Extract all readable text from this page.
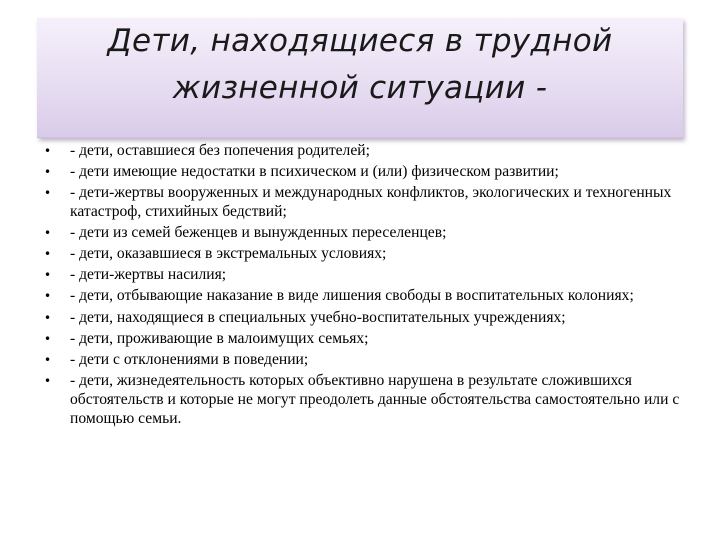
Дети, находящиеся в трудной
жизненной ситуации -
• - дети, оставшиеся без попечения родителей;
• - дети имеющие недостатки в психическом и (или) физическом развитии;
• - дети-жертвы вооруженных и международных конфликтов, экологических и техногенных катастроф, стихийных бедствий;
• - дети из семей беженцев и вынужденных переселенцев;
• - дети, оказавшиеся в экстремальных условиях;
• - дети-жертвы насилия;
• - дети, отбывающие наказание в виде лишения свободы в воспитательных колониях;
• - дети, находящиеся в специальных учебно-воспитательных учреждениях;
• - дети, проживающие в малоимущих семьях;
• - дети с отклонениями в поведении;
• - дети, жизнедеятельность которых объективно нарушена в результате сложившихся обстоятельств и которые не могут преодолеть данные обстоятельства самостоятельно или с помощью семьи.
